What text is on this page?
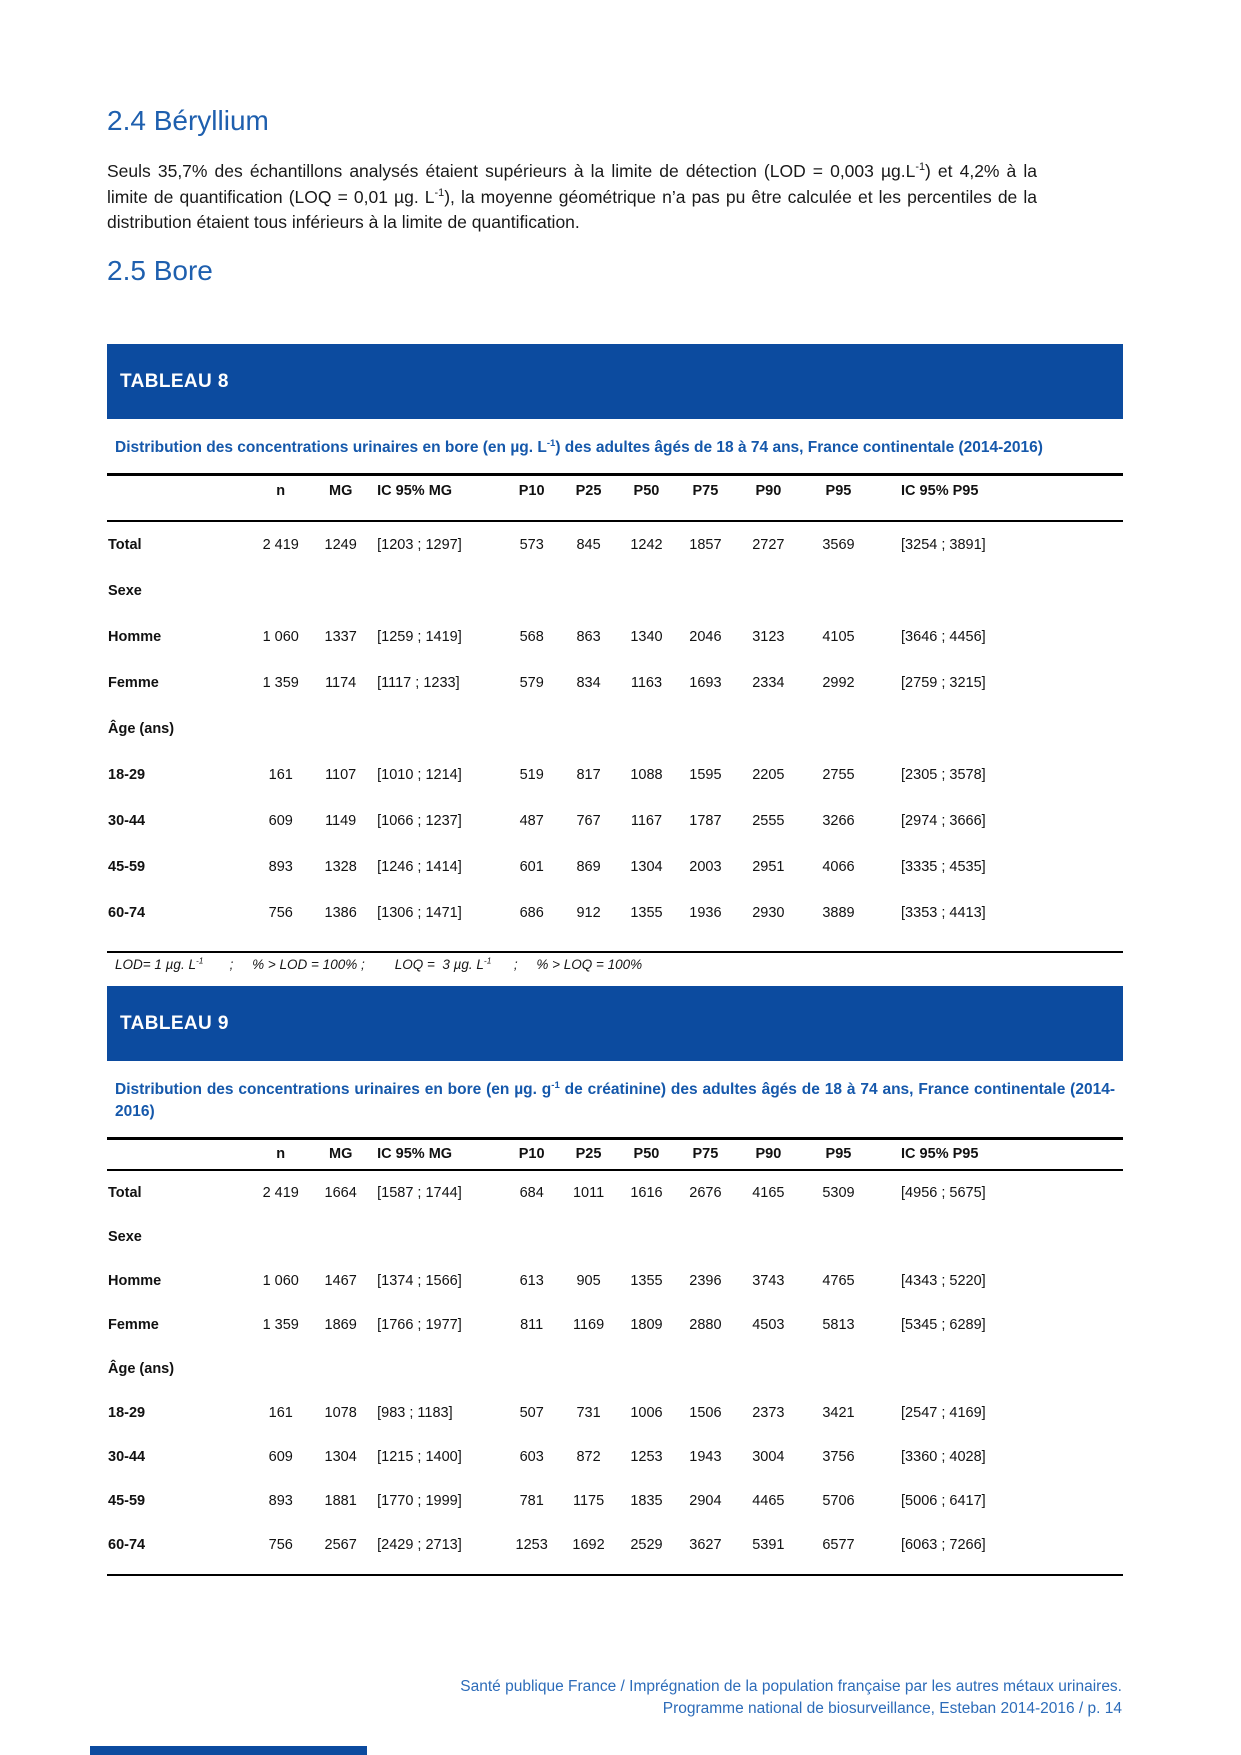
2.4 Béryllium

Seuls 35,7% des échantillons analysés étaient supérieurs à la limite de détection (LOD = 0,003 $\mu g.L^{-1}$) et 4,2% à la limite de quantification (LOQ = 0,01 µg. $L^{-1}$), la moyenne géométrique n’a pas pu être calculée et les percentiles de la distribution étaient tous inférieurs à la limite de quantification.

2.5 Bore
TABLEAU 8
Distribution des concentrations urinaires en bore (en µg. $L^{-1}$) des adultes âgés de 18 à 74 ans, France continentale (2014-2016)
	n	MG	IC 95% MG	P10	P25	P50	P75	P90	P95	IC 95% P95
Total	2 419	1249	[1203 ; 1297]	573	845	1242	1857	2727	3569	[3254 ; 3891]
Sexe										
Homme	1 060	1337	[1259 ; 1419]	568	863	1340	2046	3123	4105	[3646 ; 4456]
Femme	1 359	1174	[1117 ; 1233]	579	834	1163	1693	2334	2992	[2759 ; 3215]
Âge (ans)										
18-29	161	1107	[1010 ; 1214]	519	817	1088	1595	2205	2755	[2305 ; 3578]
30-44	609	1149	[1066 ; 1237]	487	767	1167	1787	2555	3266	[2974 ; 3666]
45-59	893	1328	[1246 ; 1414]	601	869	1304	2003	2951	4066	[3335 ; 4535]
60-74	756	1386	[1306 ; 1471]	686	912	1355	1936	2930	3889	[3353 ; 4413]
LOD= 1 µg. $L^{-1}$       ;     % > LOD = 100% ;        LOQ =  3 µg. $L^{-1}$      ;     % > LOQ = 100%
TABLEAU 9
Distribution des concentrations urinaires en bore (en µg. $g^{-1}$ de créatinine) des adultes âgés de 18 à 74 ans, France continentale (2014-2016)
	n	MG	IC 95% MG	P10	P25	P50	P75	P90	P95	IC 95% P95
Total	2 419	1664	[1587 ; 1744]	684	1011	1616	2676	4165	5309	[4956 ; 5675]
Sexe										
Homme	1 060	1467	[1374 ; 1566]	613	905	1355	2396	3743	4765	[4343 ; 5220]
Femme	1 359	1869	[1766 ; 1977]	811	1169	1809	2880	4503	5813	[5345 ; 6289]
Âge (ans)										
18-29	161	1078	[983 ; 1183]	507	731	1006	1506	2373	3421	[2547 ; 4169]
30-44	609	1304	[1215 ; 1400]	603	872	1253	1943	3004	3756	[3360 ; 4028]
45-59	893	1881	[1770 ; 1999]	781	1175	1835	2904	4465	5706	[5006 ; 6417]
60-74	756	2567	[2429 ; 2713]	1253	1692	2529	3627	5391	6577	[6063 ; 7266]
Santé publique France / Imprégnation de la population française par les autres métaux urinaires.
Programme national de biosurveillance, Esteban 2014-2016 / p. 14
